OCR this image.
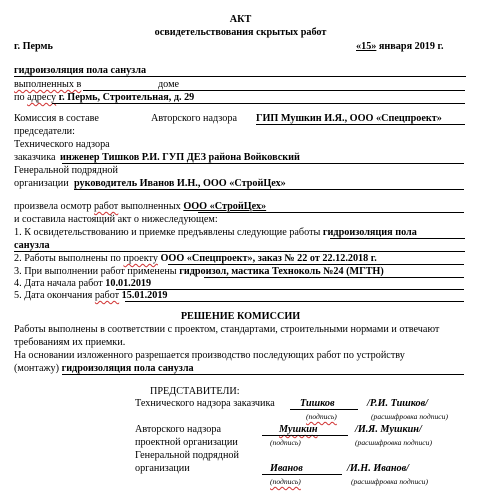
АКТ
освидетельствования скрытых работ
г. Пермь	«15» января 2019 г.
гидроизоляция пола санузла
выполненных в	доме
по адресу г. Пермь, Строительная, д. 29
Комиссия в составе	Авторского надзора ГИП Мушкин И.Я., ООО «Спецпроект»
председатели:
Технического надзора
заказчика инженер Тишков Р.И. ГУП ДЕЗ района Войковский
Генеральной подрядной
организации руководитель Иванов И.Н., ООО «СтройЦех»
произвела осмотр работ выполненных ООО «СтройЦех»
и составила настоящий акт о нижеследующем:
1. К освидетельствованию и приемке предъявлены следующие работы гидроизоляция пола
санузла
2. Работы выполнены по проекту ООО «Спецпроект», заказ № 22 от 22.12.2018 г.
3. При выполнении работ применены гидроизол, мастика Техноколь №24 (МГТН)
4. Дата начала работ 10.01.2019
5. Дата окончания работ 15.01.2019
РЕШЕНИЕ КОМИССИИ
Работы выполнены в соответствии с проектом, стандартами, строительными нормами и отвечают
требованиям их приемки.
На основании изложенного разрешается производство последующих работ по устройству
(монтажу) гидроизоляция пола санузла
ПРЕДСТАВИТЕЛИ:
Технического надзора заказчика Тишков	/Р.И. Тишков/
(подпись)	(расшифровка подписи)
Авторского надзора
проектной организации
Мушкин	/И.Я. Мушкин/
(подпись)	(расшифровка подписи)
Генеральной подрядной
организации	Иванов	/И.Н. Иванов/
(подпись)	(расшифровка подписи)
